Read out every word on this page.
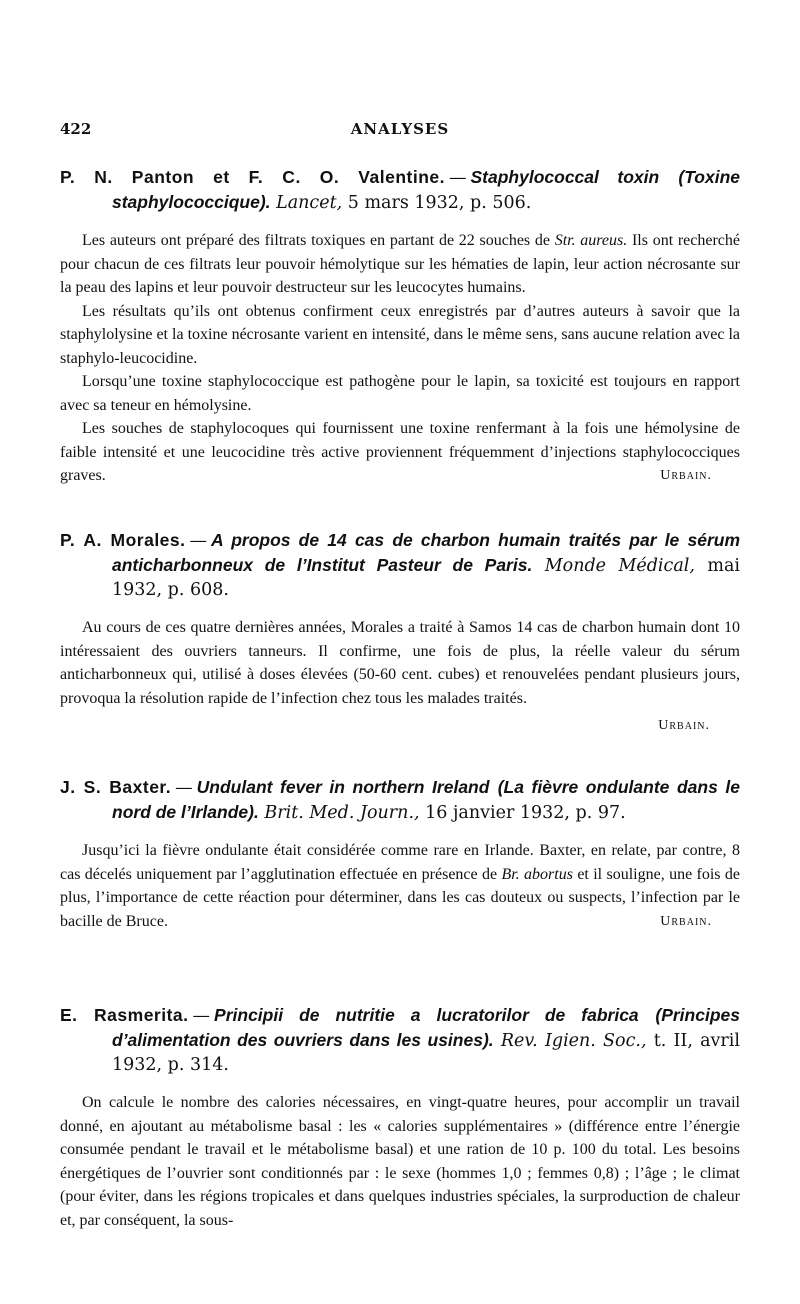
422	ANALYSES
P. N. Panton et F. C. O. Valentine. — Staphylococcal toxin (Toxine staphylococcique). Lancet, 5 mars 1932, p. 506.

Les auteurs ont préparé des filtrats toxiques en partant de 22 souches de Str. aureus. Ils ont recherché pour chacun de ces filtrats leur pouvoir hémolytique sur les hématies de lapin, leur action nécrosante sur la peau des lapins et leur pouvoir destructeur sur les leucocytes humains.

Les résultats qu’ils ont obtenus confirment ceux enregistrés par d’autres auteurs à savoir que la staphylolysine et la toxine nécrosante varient en intensité, dans le même sens, sans aucune relation avec la staphylo-leucocidine.

Lorsqu’une toxine staphylococcique est pathogène pour le lapin, sa toxicité est toujours en rapport avec sa teneur en hémolysine.

Les souches de staphylocoques qui fournissent une toxine renfermant à la fois une hémolysine de faible intensité et une leucocidine très active proviennent fréquemment d’injections staphylococciques graves.	Urbain.

P. A. Morales. — A propos de 14 cas de charbon humain traités par le sérum anticharbonneux de l’Institut Pasteur de Paris. Monde Médical, mai 1932, p. 608.

Au cours de ces quatre dernières années, Morales a traité à Samos 14 cas de charbon humain dont 10 intéressaient des ouvriers tanneurs. Il confirme, une fois de plus, la réelle valeur du sérum anticharbonneux qui, utilisé à doses élevées (50-60 cent. cubes) et renouvelées pendant plusieurs jours, provoqua la résolution rapide de l’infection chez tous les malades traités.

Urbain.
J. S. Baxter. — Undulant fever in northern Ireland (La fièvre ondulante dans le nord de l’Irlande). Brit. Med. Journ., 16 janvier 1932, p. 97.

Jusqu’ici la fièvre ondulante était considérée comme rare en Irlande. Baxter, en relate, par contre, 8 cas décelés uniquement par l’agglutination effectuée en présence de Br. abortus et il souligne, une fois de plus, l’importance de cette réaction pour déterminer, dans les cas douteux ou suspects, l’infection par le bacille de Bruce.	Urbain.

E. Rasmerita. — Principii de nutritie a lucratorilor de fabrica (Principes d’alimentation des ouvriers dans les usines). Rev. Igien. Soc., t. II, avril 1932, p. 314.

On calcule le nombre des calories nécessaires, en vingt-quatre heures, pour accomplir un travail donné, en ajoutant au métabolisme basal : les « calories supplémentaires » (différence entre l’énergie consumée pendant le travail et le métabolisme basal) et une ration de 10 p. 100 du total. Les besoins énergétiques de l’ouvrier sont conditionnés par : le sexe (hommes 1,0 ; femmes 0,8) ; l’âge ; le climat (pour éviter, dans les régions tropicales et dans quelques industries spéciales, la surproduction de chaleur et, par conséquent, la sous-
